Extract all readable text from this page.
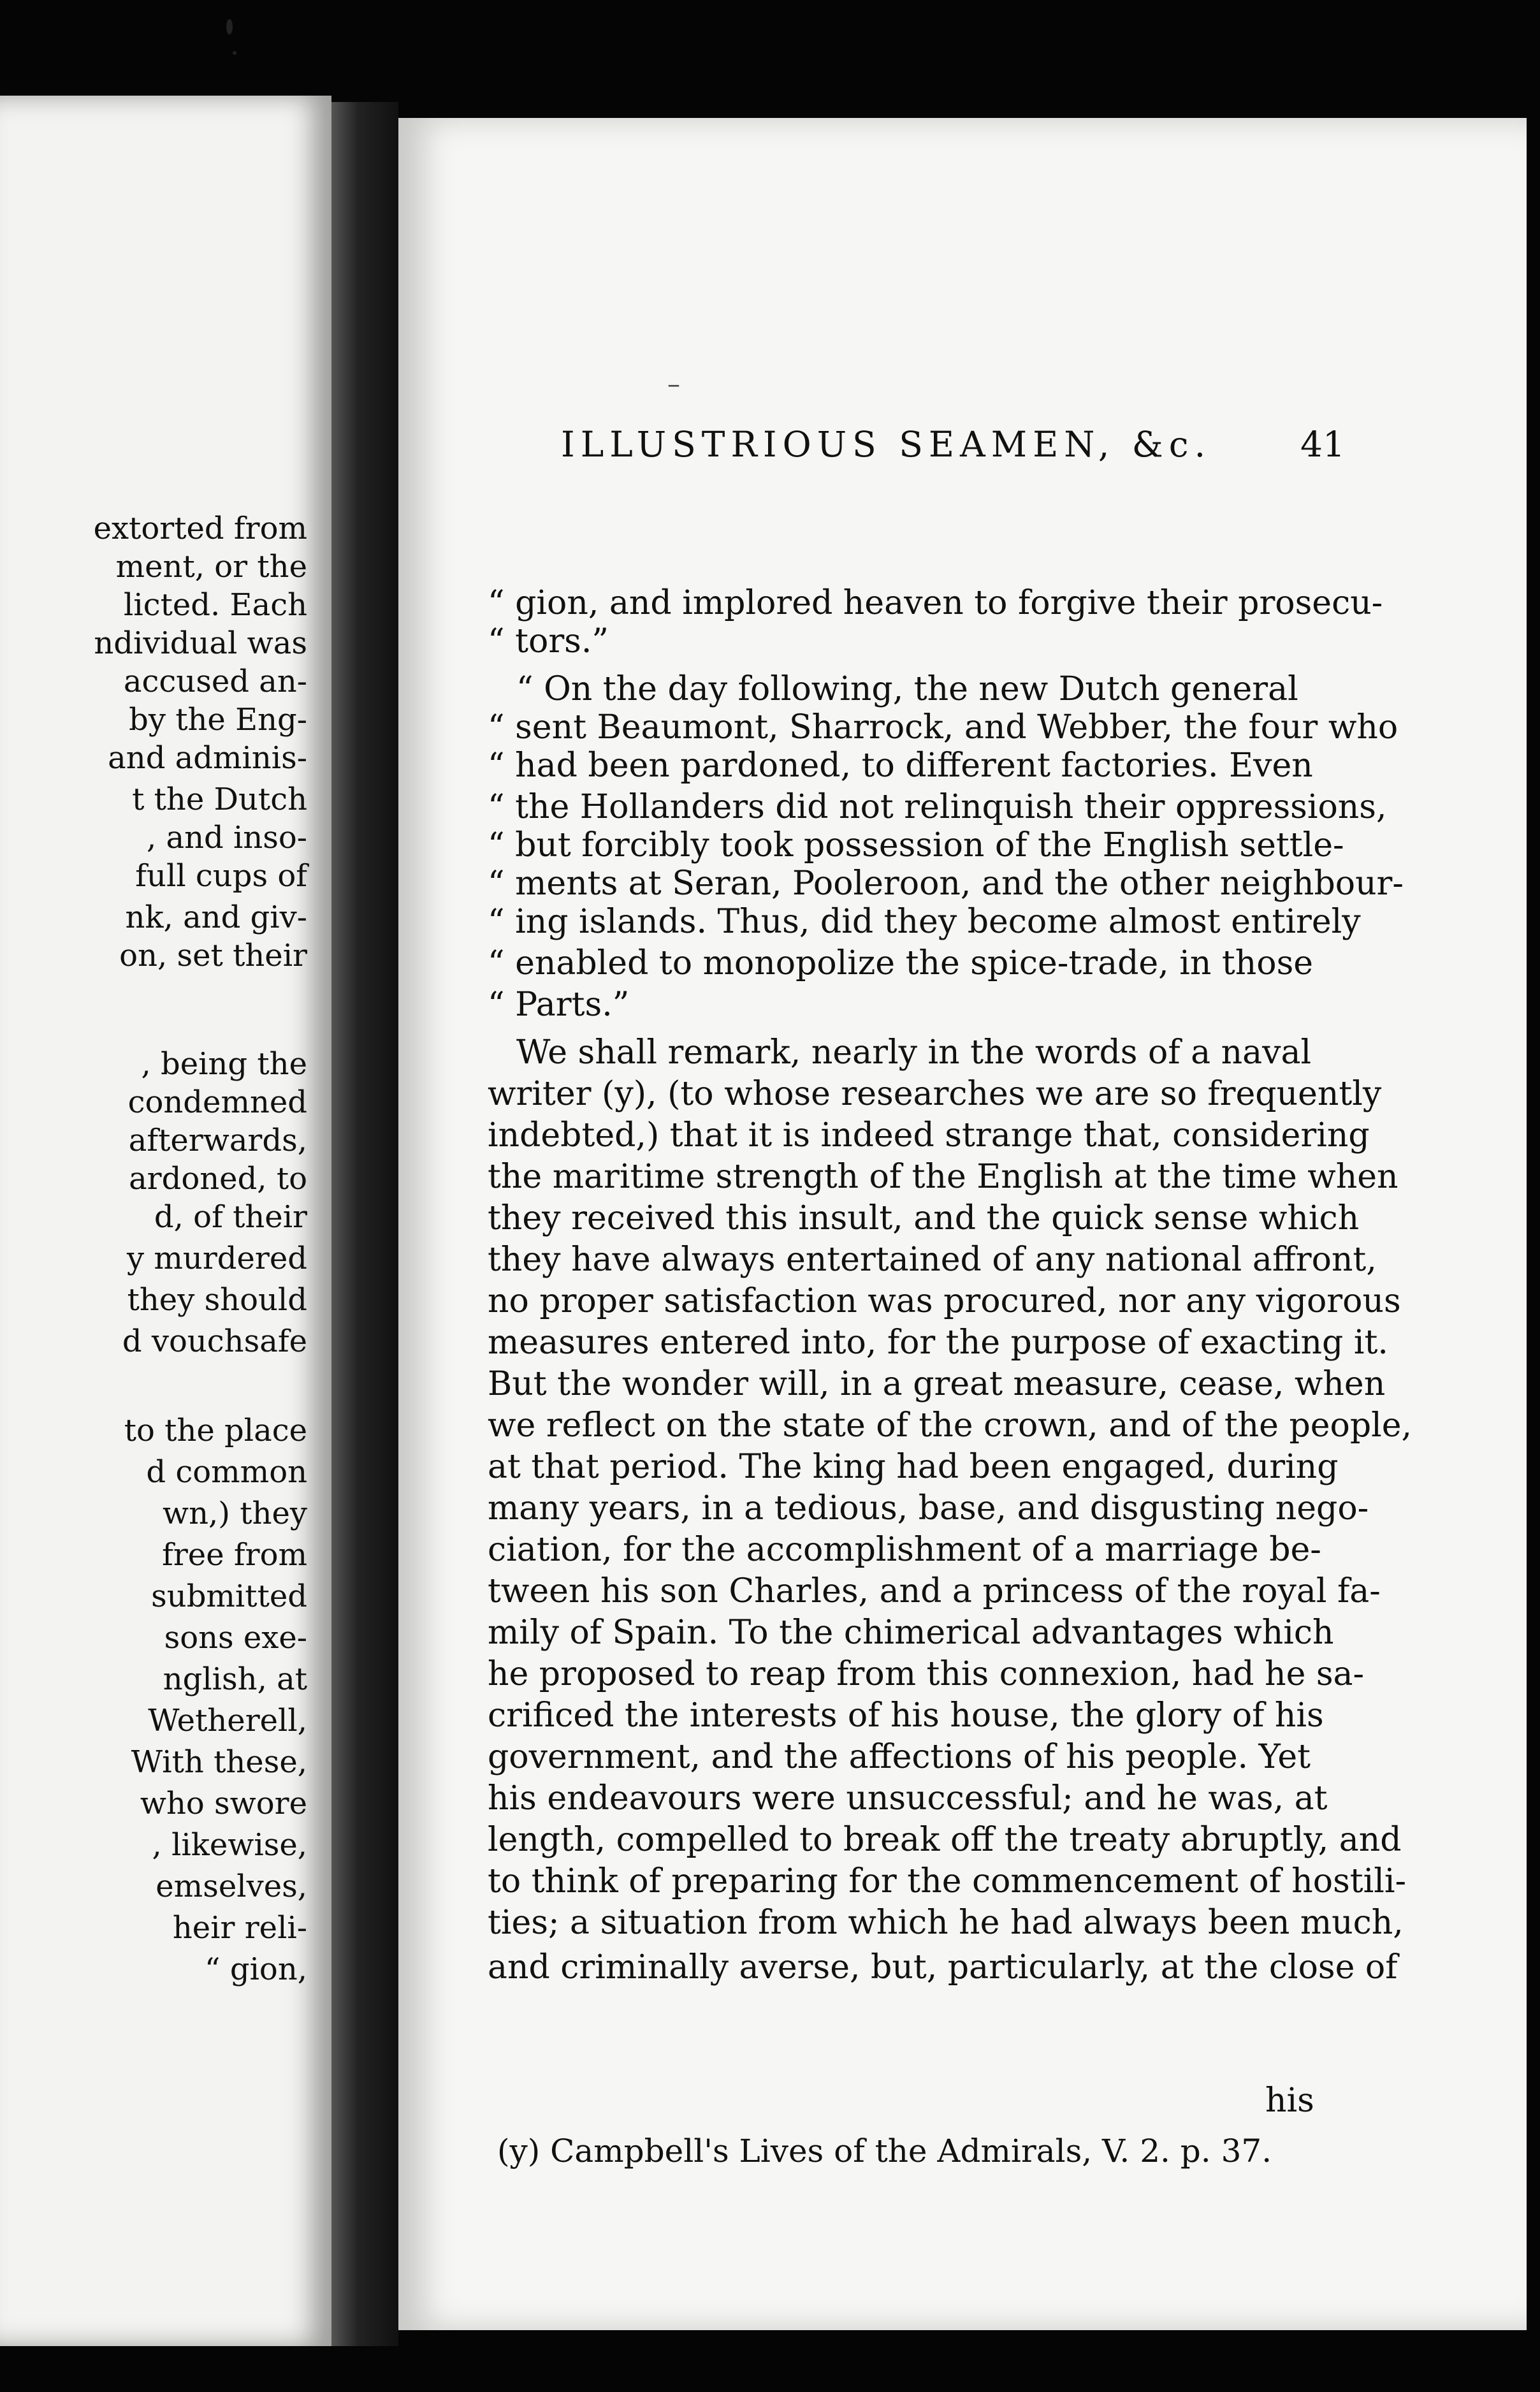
extorted from
ment, or the
licted. Each
ndividual was
accused an-
by the Eng-
and adminis-
t the Dutch
, and inso-
full cups of
nk, and giv-
on, set their
, being the
condemned
afterwards,
ardoned, to
d, of their
y murdered
they should
d vouchsafe
to the place
d common
wn,) they
free from
submitted
sons exe-
nglish, at
Wetherell,
With these,
who swore
, likewise,
emselves,
heir reli-
“ gion,
–
ILLUSTRIOUS SEAMEN, &c.	41
“ gion, and implored heaven to forgive their prosecu-
“ tors.”
“ On the day following, the new Dutch general
“ sent Beaumont, Sharrock, and Webber, the four who
“ had been pardoned, to different factories. Even
“ the Hollanders did not relinquish their oppressions,
“ but forcibly took possession of the English settle-
“ ments at Seran, Pooleroon, and the other neighbour-
“ ing islands. Thus, did they become almost entirely
“ enabled to monopolize the spice-trade, in those
“ Parts.”
We shall remark, nearly in the words of a naval
writer (y), (to whose researches we are so frequently
indebted,) that it is indeed strange that, considering
the maritime strength of the English at the time when
they received this insult, and the quick sense which
they have always entertained of any national affront,
no proper satisfaction was procured, nor any vigorous
measures entered into, for the purpose of exacting it.
But the wonder will, in a great measure, cease, when
we reflect on the state of the crown, and of the people,
at that period. The king had been engaged, during
many years, in a tedious, base, and disgusting nego-
ciation, for the accomplishment of a marriage be-
tween his son Charles, and a princess of the royal fa-
mily of Spain. To the chimerical advantages which
he proposed to reap from this connexion, had he sa-
crificed the interests of his house, the glory of his
government, and the affections of his people. Yet
his endeavours were unsuccessful; and he was, at
length, compelled to break off the treaty abruptly, and
to think of preparing for the commencement of hostili-
ties; a situation from which he had always been much,
and criminally averse, but, particularly, at the close of
his
(y) Campbell's Lives of the Admirals, V. 2. p. 37.
